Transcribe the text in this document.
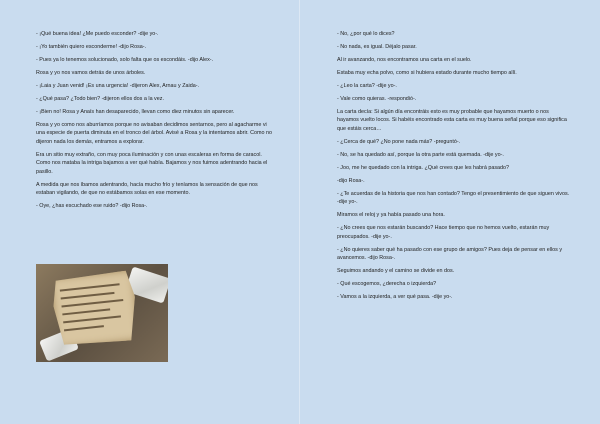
- ¡Qué buena idea! ¿Me puedo esconder? -dije yo-.

- ¡Yo también quiero esconderme! -dijo Rosa-.

- Pues ya lo tenemos solucionado, solo falta que os escondáis. -dijo Alex-.

Rosa y yo nos vamos detrás de unos árboles.

- ¡Laia y Juan venid! ¡Es una urgencia! -dijeron Alex, Arnau y Zaida-.

- ¿Qué pasa? ¿Todo bien? -dijeron ellos dos a la vez.

- ¡Bien no! Rosa y Anaís han desaparecido, llevan como diez minutos sin aparecer.

Rosa y yo como nos aburríamos porque no avisaban decidimos sentarnos, pero al agacharme vi una especie de puerta diminuta en el tronco del árbol. Avisé a Rosa y la intentamos abrir. Como no dijeron nada los demás, entramos a explorar.

Era un sitio muy extraño, con muy poca iluminación y con unas escaleras en forma de caracol. Como nos mataba la intriga bajamos a ver qué había. Bajamos y nos fuimos adentrando hacia el pasillo.

A medida que nos íbamos adentrando, hacía mucho frío y teníamos la sensación de que nos estaban vigilando, de que no estábamos solas en ese momento.

- Oye, ¿has escuchado ese ruido? -dijo Rosa-.

- No, ¿por qué lo dices?

- No nada, es igual. Déjalo pasar.

Al ir avanzando, nos encontramos una carta en el suelo.

Estaba muy echa polvo, como si hubiera estado durante mucho tiempo allí.

- ¿Leo la carta? -dije yo-.

- Vale como quieras. -respondió-.

La carta decía: Si algún día encontráis esto es muy probable que hayamos muerto o nos hayamos vuelto locos. Si habéis encontrado esta carta es muy buena señal porque eso significa que estáis cerca…

- ¿Cerca de qué? ¿No pone nada más? -preguntó-.

- No, se ha quedado así, porque la otra parte está quemada. -dije yo-.

- Joo, me he quedado con la intriga. ¿Qué crees que les habrá pasado?

-dijo Rosa-.

- ¿Te acuerdas de la historia que nos han contado? Tengo el presentimiento de que siguen vivos. -dije yo-.

Miramos el reloj y ya había pasado una hora.

- ¿No crees que nos estarán buscando? Hace tiempo que no hemos vuelto, estarán muy preocupados. -dije yo-.

- ¿No quieres saber qué ha pasado con ese grupo de amigos? Pues deja de pensar en ellos y avancemos. -dijo Rosa-.

Seguimos andando y el camino se divide en dos.

- Qué escogemos, ¿derecha o izquierda?

- Vamos a la izquierda, a ver qué pasa. -dije yo-.
